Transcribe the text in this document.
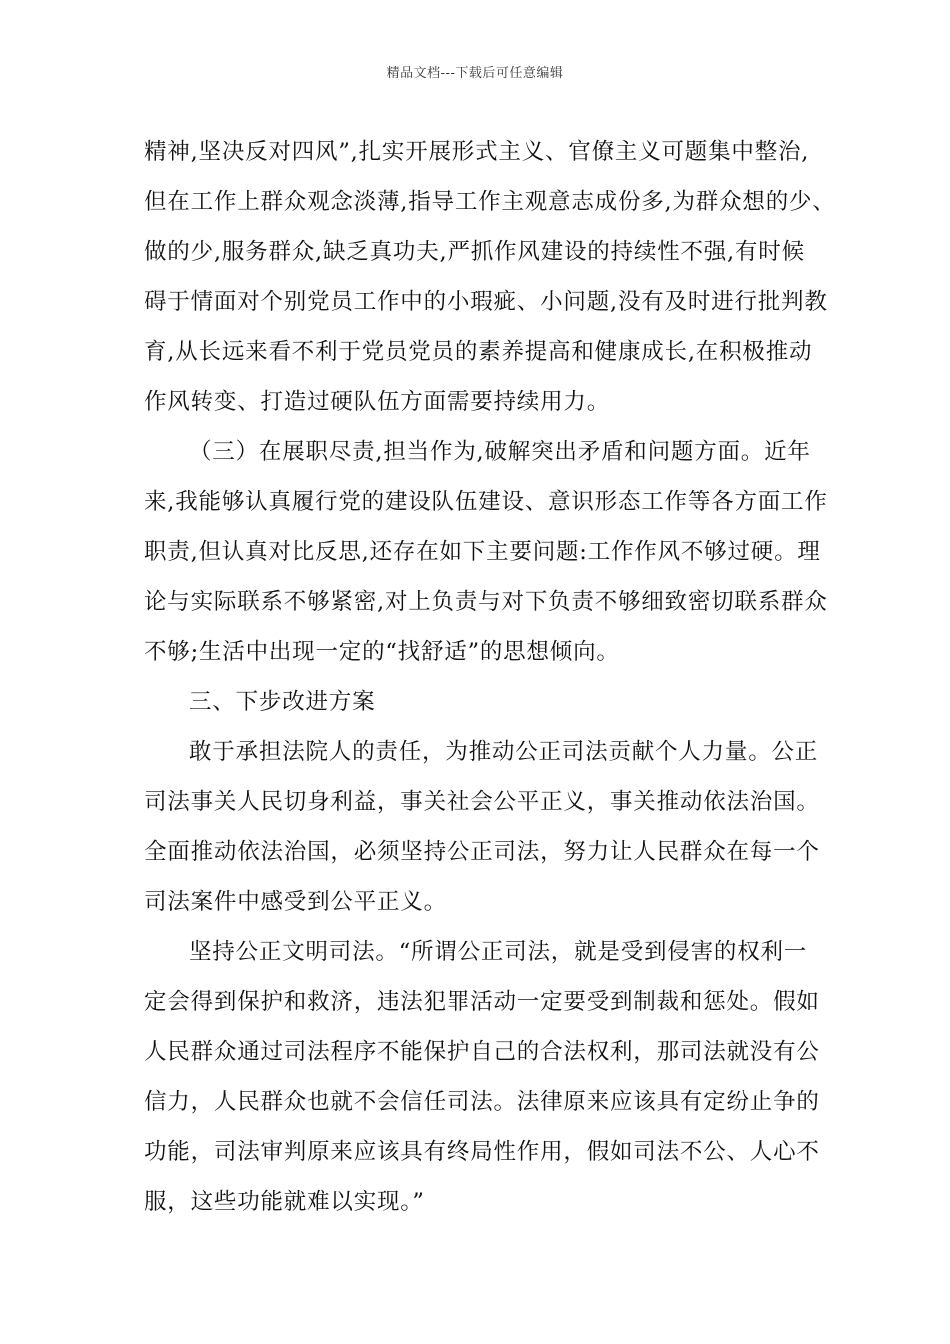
精品文档---下载后可任意编辑
精神,坚决反对四风”,扎实开展形式主义、官僚主义可题集中整治,
但在工作上群众观念淡薄,指导工作主观意志成份多,为群众想的少、
做的少,服务群众,缺乏真功夫,严抓作风建设的持续性不强,有时候
碍于情面对个别党员工作中的小瑕疵、小问题,没有及时进行批判教
育,从长远来看不利于党员党员的素养提高和健康成长,在积极推动
作风转变、打造过硬队伍方面需要持续用力。
（三）在展职尽责,担当作为,破解突出矛盾和问题方面。近年
来,我能够认真履行党的建设队伍建设、意识形态工作等各方面工作
职责,但认真对比反思,还存在如下主要问题:工作作风不够过硬。理
论与实际联系不够紧密,对上负责与对下负责不够细致密切联系群众
不够;生活中出现一定的“找舒适”的思想倾向。
三、下步改进方案
敢于承担法院人的责任，为推动公正司法贡献个人力量。公正
司法事关人民切身利益，事关社会公平正义，事关推动依法治国。
全面推动依法治国，必须坚持公正司法，努力让人民群众在每一个
司法案件中感受到公平正义。
坚持公正文明司法。“所谓公正司法，就是受到侵害的权利一
定会得到保护和救济，违法犯罪活动一定要受到制裁和惩处。假如
人民群众通过司法程序不能保护自己的合法权利，那司法就没有公
信力，人民群众也就不会信任司法。法律原来应该具有定纷止争的
功能，司法审判原来应该具有终局性作用，假如司法不公、人心不
服，这些功能就难以实现。”
